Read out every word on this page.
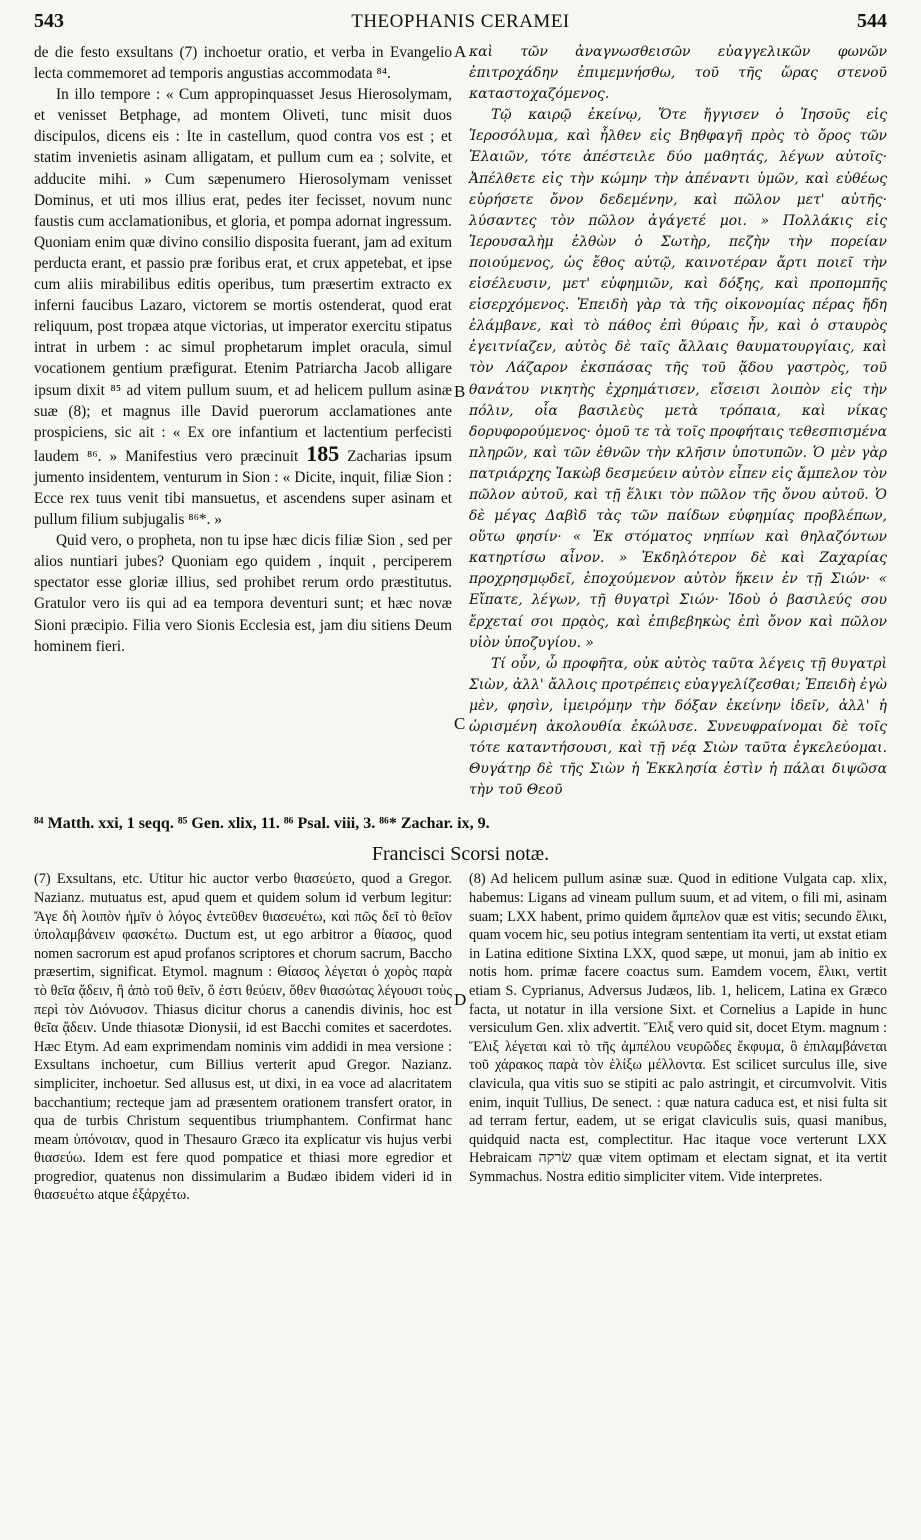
543	THEOPHANIS CERAMEI	544

de die festo exsultans (7) inchoetur oratio, et verba in Evangelio lecta commemoret ad temporis angustias accommodata ⁸⁴.

In illo tempore : « Cum appropinquasset Jesus Hierosolymam, et venisset Betphage, ad montem Oliveti, tunc misit duos discipulos, dicens eis : Ite in castellum, quod contra vos est ; et statim invenietis asinam alligatam, et pullum cum ea ; solvite, et adducite mihi. » Cum sæpenumero Hierosolymam venisset Dominus, et uti mos illius erat, pedes iter fecisset, novum nunc faustis cum acclamationibus, et gloria, et pompa adornat ingressum. Quoniam enim quæ divino consilio disposita fuerant, jam ad exitum perducta erant, et passio præ foribus erat, et crux appetebat, et ipse cum aliis mirabilibus editis operibus, tum præsertim extracto ex inferni faucibus Lazaro, victorem se mortis ostenderat, quod erat reliquum, post tropæa atque victorias, ut imperator exercitu stipatus intrat in urbem : ac simul prophetarum implet oracula, simul vocationem gentium præfigurat. Etenim Patriarcha Jacob alligare ipsum dixit ⁸⁵ ad vitem pullum suum, et ad helicem pullum asinæ suæ (8); et magnus ille David puerorum acclamationes ante prospiciens, sic ait : « Ex ore infantium et lactentium perfecisti laudem ⁸⁶. » Manifestius vero præcinuit 185 Zacharias ipsum jumento insidentem, venturum in Sion : « Dicite, inquit, filiæ Sion : Ecce rex tuus venit tibi mansuetus, et ascendens super asinam et pullum filium subjugalis ⁸⁶*. »

Quid vero, o propheta, non tu ipse hæc dicis filiæ Sion , sed per alios nuntiari jubes? Quoniam ego quidem , inquit , perciperem spectator esse gloriæ illius, sed prohibet rerum ordo præstitutus. Gratulor vero iis qui ad ea tempora deventuri sunt; et hæc novæ Sioni præcipio. Filia vero Sionis Ecclesia est, jam diu sitiens Deum hominem fieri.

A
B
C

καὶ τῶν ἀναγνωσθεισῶν εὐαγγελικῶν φωνῶν ἐπιτροχάδην ἐπιμεμνήσθω, τοῦ τῆς ὥρας στενοῦ καταστοχαζόμενος.

Τῷ καιρῷ ἐκείνῳ, Ὅτε ἤγγισεν ὁ Ἰησοῦς εἰς Ἱεροσόλυμα, καὶ ἦλθεν εἰς Βηθφαγῆ πρὸς τὸ ὄρος τῶν Ἐλαιῶν, τότε ἀπέστειλε δύο μαθητάς, λέγων αὐτοῖς· Ἀπέλθετε εἰς τὴν κώμην τὴν ἀπέναντι ὑμῶν, καὶ εὐθέως εὑρήσετε ὄνον δεδεμένην, καὶ πῶλον μετ' αὐτῆς· λύσαντες τὸν πῶλον ἀγάγετέ μοι. » Πολλάκις εἰς Ἱερουσαλὴμ ἐλθὼν ὁ Σωτὴρ, πεζὴν τὴν πορείαν ποιούμενος, ὡς ἔθος αὐτῷ, καινοτέραν ἄρτι ποιεῖ τὴν εἰσέλευσιν, μετ' εὐφημιῶν, καὶ δόξης, καὶ προπομπῆς εἰσερχόμενος. Ἐπειδὴ γὰρ τὰ τῆς οἰκονομίας πέρας ἤδη ἐλάμβανε, καὶ τὸ πάθος ἐπὶ θύραις ἦν, καὶ ὁ σταυρὸς ἐγειτνίαζεν, αὐτὸς δὲ ταῖς ἄλλαις θαυματουργίαις, καὶ τὸν Λάζαρον ἐκσπάσας τῆς τοῦ ᾅδου γαστρὸς, τοῦ θανάτου νικητὴς ἐχρημάτισεν, εἴσεισι λοιπὸν εἰς τὴν πόλιν, οἷα βασιλεὺς μετὰ τρόπαια, καὶ νίκας δορυφορούμενος· ὁμοῦ τε τὰ τοῖς προφήταις τεθεσπισμένα πληρῶν, καὶ τῶν ἐθνῶν τὴν κλῆσιν ὑποτυπῶν. Ὁ μὲν γὰρ πατριάρχης Ἰακὼβ δεσμεύειν αὐτὸν εἶπεν εἰς ἄμπελον τὸν πῶλον αὐτοῦ, καὶ τῇ ἕλικι τὸν πῶλον τῆς ὄνου αὐτοῦ. Ὁ δὲ μέγας Δαβὶδ τὰς τῶν παίδων εὐφημίας προβλέπων, οὕτω φησίν· « Ἐκ στόματος νηπίων καὶ θηλαζόντων κατηρτίσω αἶνον. » Ἐκδηλότερον δὲ καὶ Ζαχαρίας προχρησμῳδεῖ, ἐποχούμενον αὐτὸν ἥκειν ἐν τῇ Σιών· « Εἴπατε, λέγων, τῇ θυγατρὶ Σιών· Ἰδοὺ ὁ βασιλεύς σου ἔρχεταί σοι πρᾳὸς, καὶ ἐπιβεβηκὼς ἐπὶ ὄνον καὶ πῶλον υἱὸν ὑποζυγίου. »

Τί οὖν, ὦ προφῆτα, οὐκ αὐτὸς ταῦτα λέγεις τῇ θυγατρὶ Σιὼν, ἀλλ' ἄλλοις προτρέπεις εὐαγγελίζεσθαι; Ἐπειδὴ ἐγὼ μὲν, φησὶν, ἱμειρόμην τὴν δόξαν ἐκείνην ἰδεῖν, ἀλλ' ἡ ὡρισμένη ἀκολουθία ἐκώλυσε. Συνευφραίνομαι δὲ τοῖς τότε καταντήσουσι, καὶ τῇ νέᾳ Σιὼν ταῦτα ἐγκελεύομαι. Θυγάτηρ δὲ τῆς Σιὼν ἡ Ἐκκλησία ἐστὶν ἡ πάλαι διψῶσα τὴν τοῦ Θεοῦ

⁸⁴ Matth. xxi, 1 seqq. ⁸⁵ Gen. xlix, 11. ⁸⁶ Psal. viii, 3. ⁸⁶* Zachar. ix, 9.
Francisci Scorsi notæ.

(7) Exsultans, etc. Utitur hic auctor verbo θιασεύετο, quod a Gregor. Nazianz. mutuatus est, apud quem et quidem solum id verbum legitur: Ἄγε δὴ λοιπὸν ἡμῖν ὁ λόγος ἐντεῦθεν θιασευέτω, καὶ πῶς δεῖ τὸ θεῖον ὑπολαμβάνειν φασκέτω. Ductum est, ut ego arbitror a θίασος, quod nomen sacrorum est apud profanos scriptores et chorum sacrum, Baccho præsertim, significat. Etymol. magnum : Θίασος λέγεται ὁ χορὸς παρὰ τὸ θεῖα ᾄδειν, ἢ ἀπὸ τοῦ θεῖν, ὅ ἐστι θεύειν, ὅθεν θιασώτας λέγουσι τοὺς περὶ τὸν Διόνυσον. Thiasus dicitur chorus a canendis divinis, hoc est θεῖα ᾄδειν. Unde thiasotæ Dionysii, id est Bacchi comites et sacerdotes. Hæc Etym. Ad eam exprimendam nominis vim addidi in mea versione : Exsultans inchoetur, cum Billius verterit apud Gregor. Nazianz. simpliciter, inchoetur. Sed allusus est, ut dixi, in ea voce ad alacritatem bacchantium; recteque jam ad præsentem orationem transfert orator, in qua de turbis Christum sequentibus triumphantem. Confirmat hanc meam ὑπόνοιαν, quod in Thesauro Græco ita explicatur vis hujus verbi θιασεύω. Idem est fere quod pompatice et thiasi more egredior et progredior, quatenus non dissimularim a Budæo ibidem videri id in θιασευέτω atque ἐξάρχέτω.

D

(8) Ad helicem pullum asinæ suæ. Quod in editione Vulgata cap. xlix, habemus: Ligans ad vineam pullum suum, et ad vitem, o fili mi, asinam suam; LXX habent, primo quidem ἄμπελον quæ est vitis; secundo ἕλικι, quam vocem hic, seu potius integram sententiam ita verti, ut exstat etiam in Latina editione Sixtina LXX, quod sæpe, ut monui, jam ab initio ex notis hom. primæ facere coactus sum. Eamdem vocem, ἕλικι, vertit etiam S. Cyprianus, Adversus Judæos, lib. 1, helicem, Latina ex Græco facta, ut notatur in illa versione Sixt. et Cornelius a Lapide in hunc versiculum Gen. xlix advertit. Ἕλιξ vero quid sit, docet Etym. magnum : Ἕλιξ λέγεται καὶ τὸ τῆς ἀμπέλου νευρῶδες ἔκφυμα, ὃ ἐπιλαμβάνεται τοῦ χάρακος παρὰ τὸν ἑλίξω μέλλοντα. Est scilicet surculus ille, sive clavicula, qua vitis suo se stipiti ac palo astringit, et circumvolvit. Vitis enim, inquit Tullius, De senect. : quæ natura caduca est, et nisi fulta sit ad terram fertur, eadem, ut se erigat claviculis suis, quasi manibus, quidquid nacta est, complectitur. Hac itaque voce verterunt LXX Hebraicam שׂרקה quæ vitem optimam et electam signat, et ita vertit Symmachus. Nostra editio simpliciter vitem. Vide interpretes.
